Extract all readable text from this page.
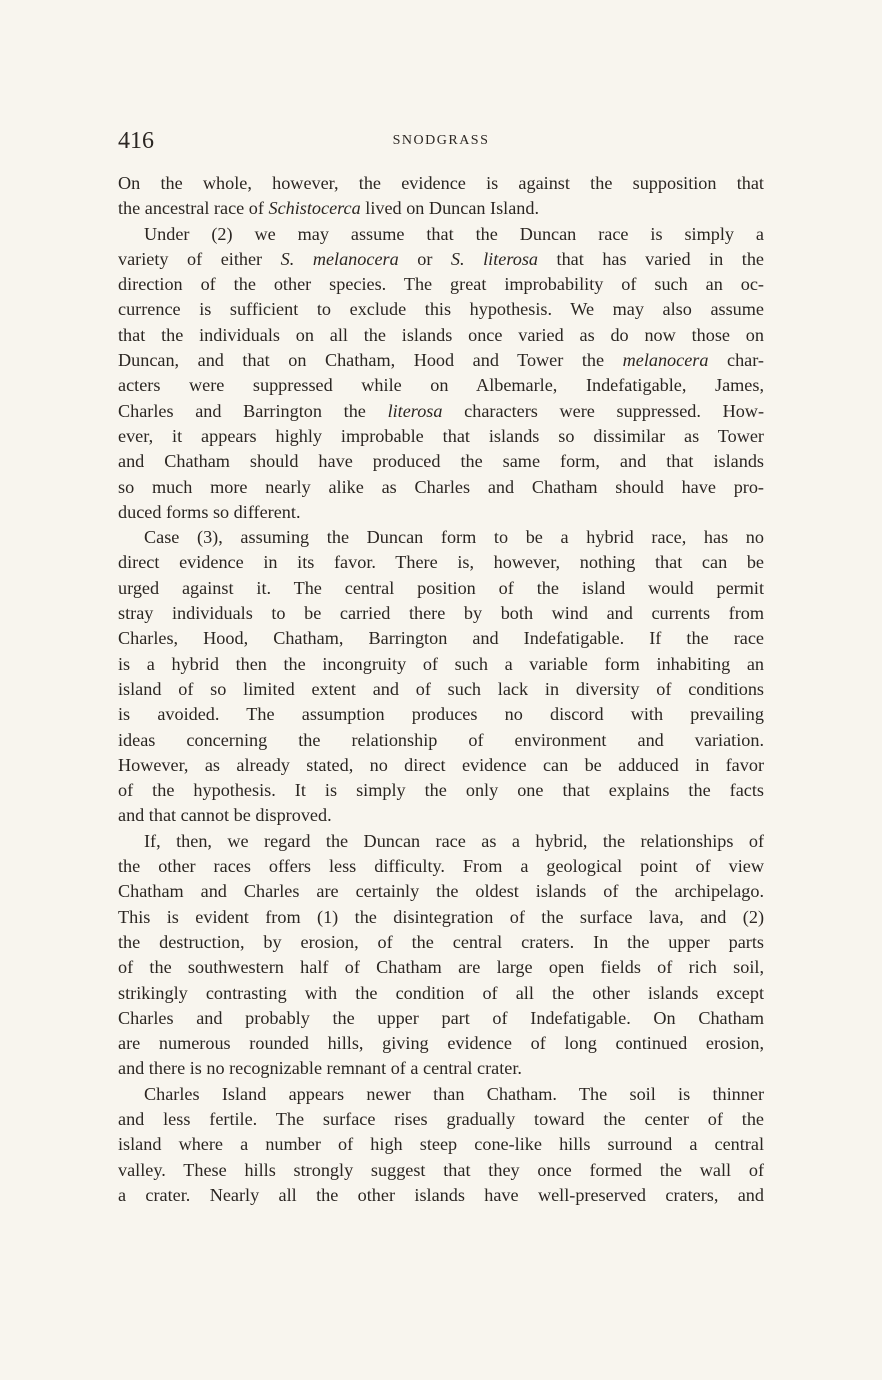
416	SNODGRASS
On the whole, however, the evidence is against the supposition that
the ancestral race of Schistocerca lived on Duncan Island.
Under (2) we may assume that the Duncan race is simply a
variety of either S. melanocera or S. literosa that has varied in the
direction of the other species. The great improbability of such an oc-
currence is sufficient to exclude this hypothesis. We may also assume
that the individuals on all the islands once varied as do now those on
Duncan, and that on Chatham, Hood and Tower the melanocera char-
acters were suppressed while on Albemarle, Indefatigable, James,
Charles and Barrington the literosa characters were suppressed. How-
ever, it appears highly improbable that islands so dissimilar as Tower
and Chatham should have produced the same form, and that islands
so much more nearly alike as Charles and Chatham should have pro-
duced forms so different.
Case (3), assuming the Duncan form to be a hybrid race, has no
direct evidence in its favor. There is, however, nothing that can be
urged against it. The central position of the island would permit
stray individuals to be carried there by both wind and currents from
Charles, Hood, Chatham, Barrington and Indefatigable. If the race
is a hybrid then the incongruity of such a variable form inhabiting an
island of so limited extent and of such lack in diversity of conditions
is avoided. The assumption produces no discord with prevailing
ideas concerning the relationship of environment and variation.
However, as already stated, no direct evidence can be adduced in favor
of the hypothesis. It is simply the only one that explains the facts
and that cannot be disproved.
If, then, we regard the Duncan race as a hybrid, the relationships of
the other races offers less difficulty. From a geological point of view
Chatham and Charles are certainly the oldest islands of the archipelago.
This is evident from (1) the disintegration of the surface lava, and (2)
the destruction, by erosion, of the central craters. In the upper parts
of the southwestern half of Chatham are large open fields of rich soil,
strikingly contrasting with the condition of all the other islands except
Charles and probably the upper part of Indefatigable. On Chatham
are numerous rounded hills, giving evidence of long continued erosion,
and there is no recognizable remnant of a central crater.
Charles Island appears newer than Chatham. The soil is thinner
and less fertile. The surface rises gradually toward the center of the
island where a number of high steep cone-like hills surround a central
valley. These hills strongly suggest that they once formed the wall of
a crater. Nearly all the other islands have well-preserved craters, and
